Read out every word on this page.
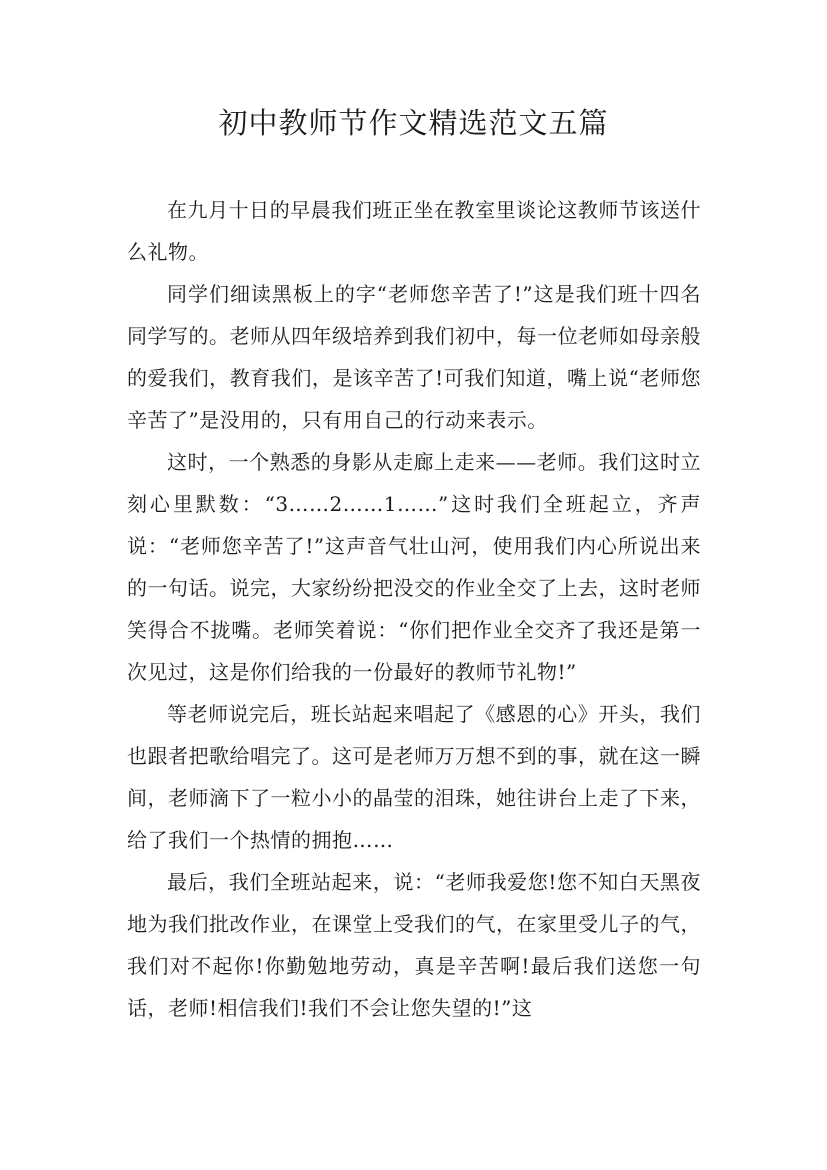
初中教师节作文精选范文五篇

在九月十日的早晨我们班正坐在教室里谈论这教师节该送什么礼物。

同学们细读黑板上的字“老师您辛苦了!”这是我们班十四名同学写的。老师从四年级培养到我们初中，每一位老师如母亲般的爱我们，教育我们，是该辛苦了!可我们知道，嘴上说“老师您辛苦了”是没用的，只有用自己的行动来表示。

这时，一个熟悉的身影从走廊上走来——老师。我们这时立刻心里默数：“3……2……1……”这时我们全班起立，齐声说：“老师您辛苦了!”这声音气壮山河，使用我们内心所说出来的一句话。说完，大家纷纷把没交的作业全交了上去，这时老师笑得合不拢嘴。老师笑着说：“你们把作业全交齐了我还是第一次见过，这是你们给我的一份最好的教师节礼物!”

等老师说完后，班长站起来唱起了《感恩的心》开头，我们也跟者把歌给唱完了。这可是老师万万想不到的事，就在这一瞬间，老师滴下了一粒小小的晶莹的泪珠，她往讲台上走了下来，给了我们一个热情的拥抱……

最后，我们全班站起来，说：“老师我爱您!您不知白天黑夜地为我们批改作业，在课堂上受我们的气，在家里受儿子的气，我们对不起你!你勤勉地劳动，真是辛苦啊!最后我们送您一句话，老师!相信我们!我们不会让您失望的!”这
